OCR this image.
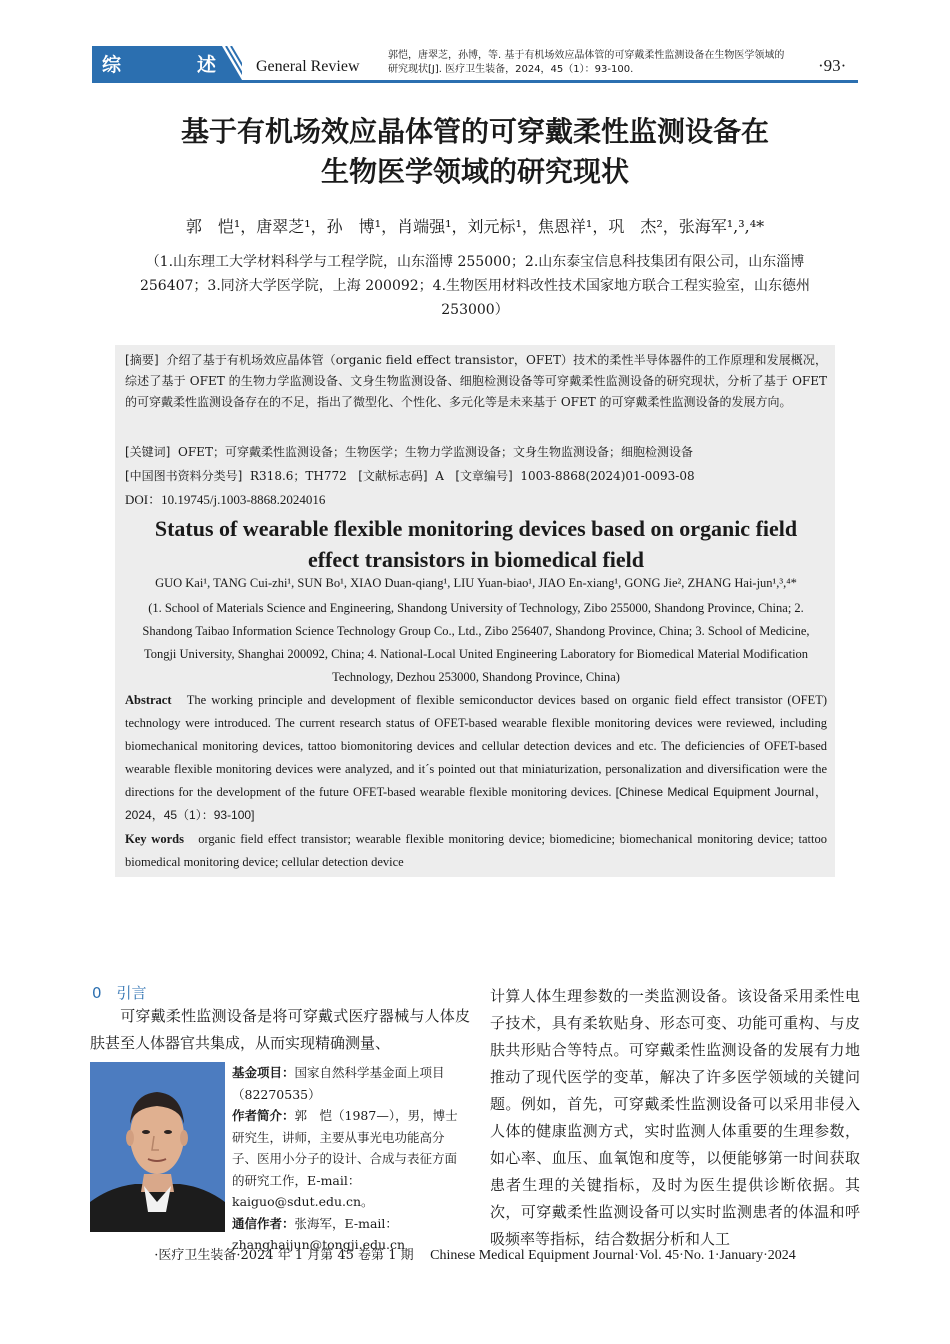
综	述	General Review
郭恺，唐翠芝，孙博，等. 基于有机场效应晶体管的可穿戴柔性监测设备在生物医学领域的
研究现状[J]. 医疗卫生装备，2024，45（1）：93-100.	·93·
基于有机场效应晶体管的可穿戴柔性监测设备在
生物医学领域的研究现状
郭　恺¹，唐翠芝¹，孙　博¹，肖端强¹，刘元标¹，焦恩祥¹，巩　杰²，张海军¹,³,⁴*
（1.山东理工大学材料科学与工程学院，山东淄博 255000；2.山东泰宝信息科技集团有限公司，山东淄博 256407；3.同济大学医学院，上海 200092；4.生物医用材料改性技术国家地方联合工程实验室，山东德州 253000）
[摘要] 介绍了基于有机场效应晶体管（organic field effect transistor，OFET）技术的柔性半导体器件的工作原理和发展概况，综述了基于 OFET 的生物力学监测设备、文身生物监测设备、细胞检测设备等可穿戴柔性监测设备的研究现状，分析了基于 OFET 的可穿戴柔性监测设备存在的不足，指出了微型化、个性化、多元化等是未来基于 OFET 的可穿戴柔性监测设备的发展方向。
[关键词] OFET；可穿戴柔性监测设备；生物医学；生物力学监测设备；文身生物监测设备；细胞检测设备
[中国图书资料分类号] R318.6；TH772 [文献标志码] A [文章编号] 1003-8868(2024)01-0093-08
DOI：10.19745/j.1003-8868.2024016
Status of wearable flexible monitoring devices based on organic field
effect transistors in biomedical field
GUO Kai¹, TANG Cui-zhi¹, SUN Bo¹, XIAO Duan-qiang¹, LIU Yuan-biao¹, JIAO En-xiang¹, GONG Jie², ZHANG Hai-jun¹,³,⁴*
(1. School of Materials Science and Engineering, Shandong University of Technology, Zibo 255000, Shandong Province, China; 2. Shandong Taibao Information Science Technology Group Co., Ltd., Zibo 256407, Shandong Province, China; 3. School of Medicine, Tongji University, Shanghai 200092, China; 4. National-Local United Engineering Laboratory for Biomedical Material Modification Technology, Dezhou 253000, Shandong Province, China)
Abstract The working principle and development of flexible semiconductor devices based on organic field effect transistor (OFET) technology were introduced. The current research status of OFET-based wearable flexible monitoring devices were reviewed, including biomechanical monitoring devices, tattoo biomonitoring devices and cellular detection devices and etc. The deficiencies of OFET-based wearable flexible monitoring devices were analyzed, and it´s pointed out that miniaturization, personalization and diversification were the directions for the development of the future OFET-based wearable flexible monitoring devices. [Chinese Medical Equipment Journal，2024，45（1）：93-100]
Key words organic field effect transistor; wearable flexible monitoring device; biomedicine; biomechanical monitoring device; tattoo biomedical monitoring device; cellular detection device
0　引言
  可穿戴柔性监测设备是将可穿戴式医疗器械与人体皮肤甚至人体器官共集成，从而实现精确测量、
基金项目：国家自然科学基金面上项目（82270535）
作者简介：郭　恺（1987—），男，博士研究生，讲师，主要从事光电功能高分子、医用小分子的设计、合成与表征方面的研究工作，E-mail：kaiguo@sdut.edu.cn。
通信作者：张海军，E-mail：zhanghaijun@tongji.edu.cn
计算人体生理参数的一类监测设备。该设备采用柔性电子技术，具有柔软贴身、形态可变、功能可重构、与皮肤共形贴合等特点。可穿戴柔性监测设备的发展有力地推动了现代医学的变革，解决了许多医学领域的关键问题。例如，首先，可穿戴柔性监测设备可以采用非侵入人体的健康监测方式，实时监测人体重要的生理参数，如心率、血压、血氧饱和度等，以便能够第一时间获取患者生理的关键指标，及时为医生提供诊断依据。其次，可穿戴柔性监测设备可以实时监测患者的体温和呼吸频率等指标，结合数据分析和人工
·医疗卫生装备·2024 年 1 月第 45 卷第 1 期 Chinese Medical Equipment Journal·Vol. 45·No. 1·January·2024
